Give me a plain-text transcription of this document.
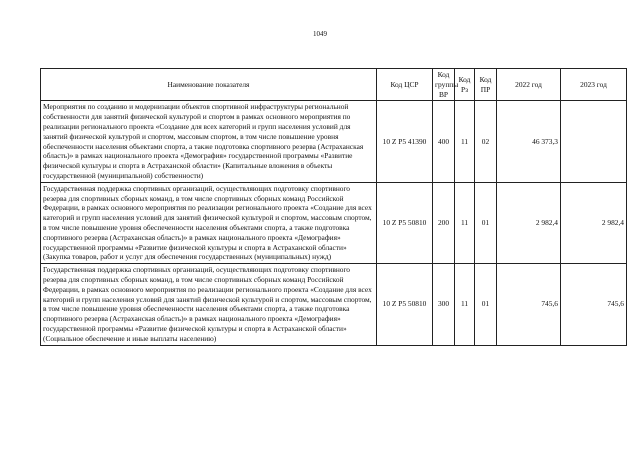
1049
Наименование показателя	Код ЦСР	Код группы ВР	Код Рз	Код ПР	2022 год	2023 год
Мероприятия по созданию и модернизации объектов спортивной инфраструктуры региональной собственности для занятий физической культурой и спортом в рамках основного мероприятия по реализации регионального проекта «Создание для всех категорий и групп населения условий для занятий физической культурой и спортом, массовым спортом, в том числе повышение уровня обеспеченности населения объектами спорта, а также подготовка спортивного резерва (Астраханская область)» в рамках национального проекта «Демография» государственной программы «Развитие физической культуры и спорта в Астраханской области» (Капитальные вложения в объекты государственной (муниципальной) собственности)	10 Z P5 41390	400	11	02	46 373,3	
Государственная поддержка спортивных организаций, осуществляющих подготовку спортивного резерва для спортивных сборных команд, в том числе спортивных сборных команд Российской Федерации, в рамках основного мероприятия по реализации регионального проекта «Создание для всех категорий и групп населения условий для занятий физической культурой и спортом, массовым спортом, в том числе повышение уровня обеспеченности населения объектами спорта, а также подготовка спортивного резерва (Астраханская область)» в рамках национального проекта «Демография» государственной программы «Развитие физической культуры и спорта в Астраханской области» (Закупка товаров, работ и услуг для обеспечения государственных (муниципальных) нужд)	10 Z P5 50810	200	11	01	2 982,4	2 982,4
Государственная поддержка спортивных организаций, осуществляющих подготовку спортивного резерва для спортивных сборных команд, в том числе спортивных сборных команд Российской Федерации, в рамках основного мероприятия по реализации регионального проекта «Создание для всех категорий и групп населения условий для занятий физической культурой и спортом, массовым спортом, в том числе повышение уровня обеспеченности населения объектами спорта, а также подготовка спортивного резерва (Астраханская область)» в рамках национального проекта «Демография» государственной программы «Развитие физической культуры и спорта в Астраханской области» (Социальное обеспечение и иные выплаты населению)	10 Z P5 50810	300	11	01	745,6	745,6
